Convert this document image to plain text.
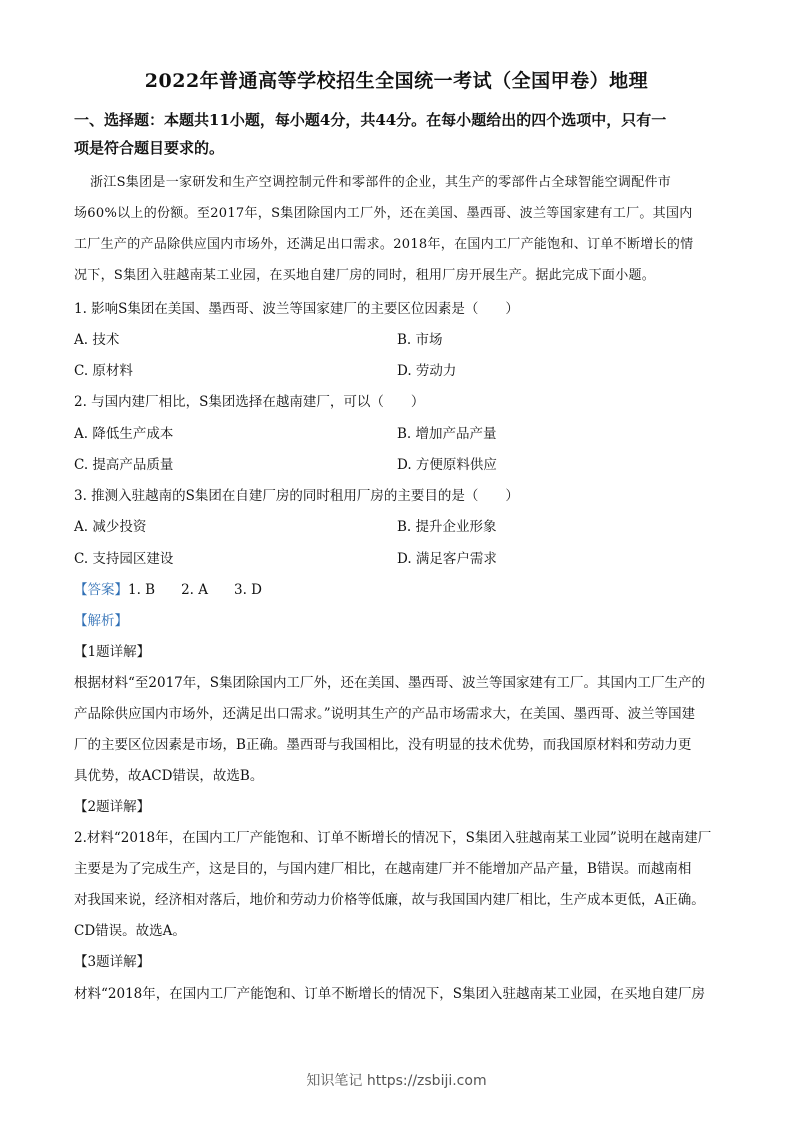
2022年普通高等学校招生全国统一考试（全国甲卷）地理
一、选择题：本题共11小题，每小题4分，共44分。在每小题给出的四个选项中，只有一
项是符合题目要求的。
浙江S集团是一家研发和生产空调控制元件和零部件的企业，其生产的零部件占全球智能空调配件市
场60%以上的份额。至2017年，S集团除国内工厂外，还在美国、墨西哥、波兰等国家建有工厂。其国内
工厂生产的产品除供应国内市场外，还满足出口需求。2018年，在国内工厂产能饱和、订单不断增长的情
况下，S集团入驻越南某工业园，在买地自建厂房的同时，租用厂房开展生产。据此完成下面小题。
1. 影响S集团在美国、墨西哥、波兰等国家建厂的主要区位因素是（　　）
A. 技术	B. 市场
C. 原材料	D. 劳动力
2. 与国内建厂相比，S集团选择在越南建厂，可以（　　）
A. 降低生产成本	B. 增加产品产量
C. 提高产品质量	D. 方便原料供应
3. 推测入驻越南的S集团在自建厂房的同时租用厂房的主要目的是（　　）
A. 减少投资	B. 提升企业形象
C. 支持园区建设	D. 满足客户需求
【答案】1. B 2. A 3. D
【解析】
【1题详解】
根据材料“至2017年，S集团除国内工厂外，还在美国、墨西哥、波兰等国家建有工厂。其国内工厂生产的
产品除供应国内市场外，还满足出口需求。”说明其生产的产品市场需求大，在美国、墨西哥、波兰等国建
厂的主要区位因素是市场，B正确。墨西哥与我国相比，没有明显的技术优势，而我国原材料和劳动力更
具优势，故ACD错误，故选B。
【2题详解】
2.材料“2018年，在国内工厂产能饱和、订单不断增长的情况下，S集团入驻越南某工业园”说明在越南建厂
主要是为了完成生产，这是目的，与国内建厂相比，在越南建厂并不能增加产品产量，B错误。而越南相
对我国来说，经济相对落后，地价和劳动力价格等低廉，故与我国国内建厂相比，生产成本更低，A正确。
CD错误。故选A。
【3题详解】
材料“2018年，在国内工厂产能饱和、订单不断增长的情况下，S集团入驻越南某工业园，在买地自建厂房
知识笔记 https://zsbiji.com
